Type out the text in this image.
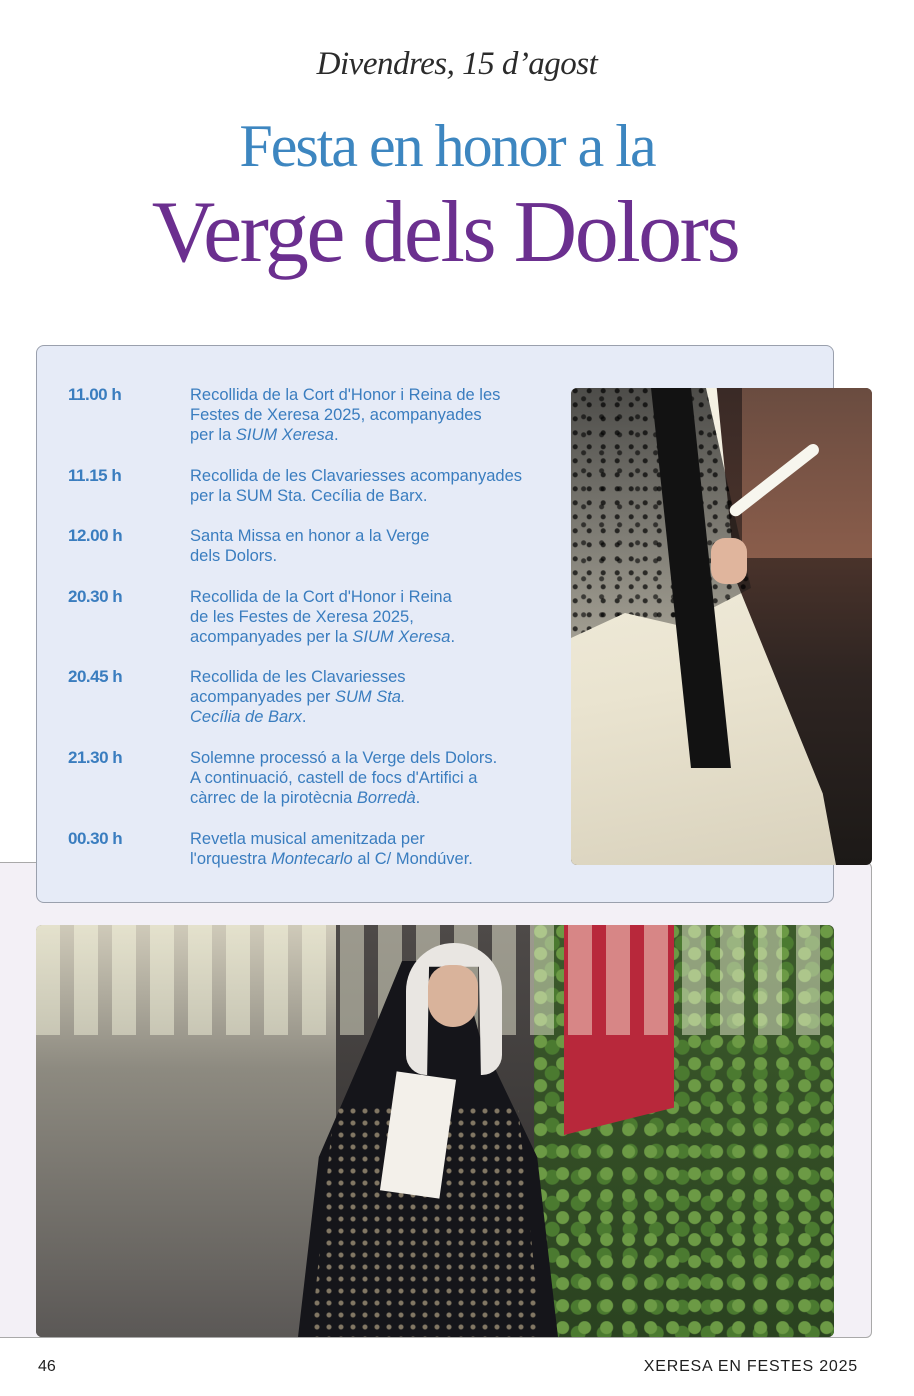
Divendres, 15 d’agost
Festa en honor a la
Verge dels Dolors
11.00 h	Recollida de la Cort d'Honor i Reina de les
Festes de Xeresa 2025, acompanyades
per la SIUM Xeresa.
11.15 h	Recollida de les Clavariesses acompanyades
per la SUM Sta. Cecília de Barx.
12.00 h	Santa Missa en honor a la Verge
dels Dolors.
20.30 h	Recollida de la Cort d'Honor i Reina
de les Festes de Xeresa 2025,
acompanyades per la SIUM Xeresa.
20.45 h	Recollida de les Clavariesses
acompanyades per SUM Sta.
Cecília de Barx.
21.30 h	Solemne processó a la Verge dels Dolors.
A continuació, castell de focs d'Artifici a
càrrec de la pirotècnia Borredà.
00.30 h	Revetla musical amenitzada per
l'orquestra Montecarlo al C/ Mondúver.
46	XERESA EN FESTES 2025
